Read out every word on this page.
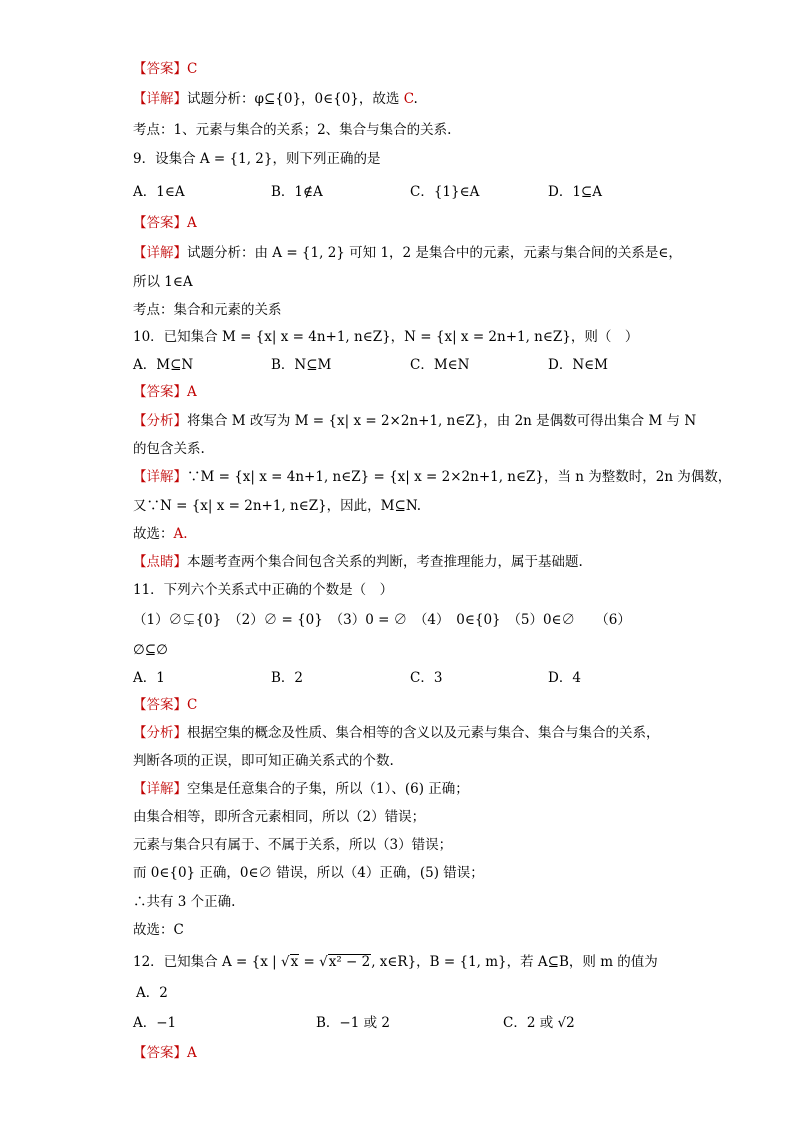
【答案】C
【详解】试题分析：φ⊆{0}，0∈{0}，故选 C.
考点：1、元素与集合的关系；2、集合与集合的关系.
9．设集合 A = {1, 2}，则下列正确的是
A．1∈A	B．1∉A	C．{1}∈A	D．1⊆A
【答案】A
【详解】试题分析：由 A = {1, 2} 可知 1，2 是集合中的元素，元素与集合间的关系是∈，
所以 1∈A
考点：集合和元素的关系
10．已知集合 M = {x| x = 4n+1, n∈Z}，N = {x| x = 2n+1, n∈Z}，则（　）
A．M⊆N	B．N⊆M	C．M∈N	D．N∈M
【答案】A
【分析】将集合 M 改写为 M = {x| x = 2×2n+1, n∈Z}，由 2n 是偶数可得出集合 M 与 N
的包含关系.
【详解】∵M = {x| x = 4n+1, n∈Z} = {x| x = 2×2n+1, n∈Z}，当 n 为整数时，2n 为偶数，
又∵N = {x| x = 2n+1, n∈Z}，因此，M⊆N.
故选：A.
【点睛】本题考查两个集合间包含关系的判断，考查推理能力，属于基础题.
11．下列六个关系式中正确的个数是（　）
（1）∅⊊{0}　（2）∅ = {0}　（3）0 = ∅　（4）　0∈{0}　（5）0∈∅　　（6）
∅⊆∅
A．1	B．2	C．3	D．4
【答案】C
【分析】根据空集的概念及性质、集合相等的含义以及元素与集合、集合与集合的关系，
判断各项的正误，即可知正确关系式的个数.
【详解】空集是任意集合的子集，所以（1）、(6) 正确；
由集合相等，即所含元素相同，所以（2）错误；
元素与集合只有属于、不属于关系，所以（3）错误；
而 0∈{0} 正确，0∈∅ 错误，所以（4）正确，(5) 错误；
∴共有 3 个正确.
故选：C
12．已知集合 A = {x | √x = √x² − 2, x∈R}，B = {1, m}，若 A⊆B，则 m 的值为
A．2
A．−1	B．−1 或 2	C．2 或 √2
【答案】A
